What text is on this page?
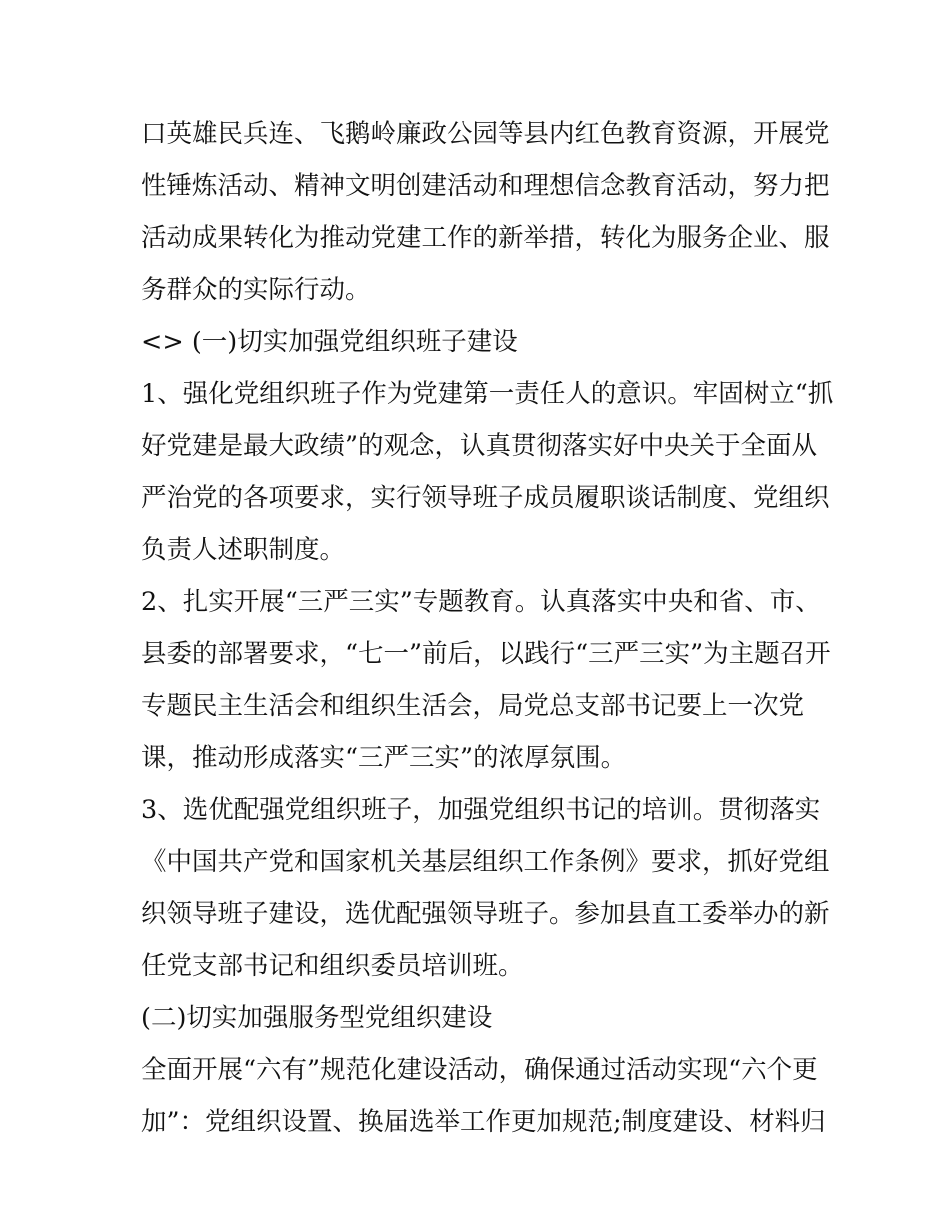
口英雄民兵连、飞鹅岭廉政公园等县内红色教育资源，开展党
性锤炼活动、精神文明创建活动和理想信念教育活动，努力把
活动成果转化为推动党建工作的新举措，转化为服务企业、服
务群众的实际行动。
<> (一)切实加强党组织班子建设
1、强化党组织班子作为党建第一责任人的意识。牢固树立“抓
好党建是最大政绩”的观念，认真贯彻落实好中央关于全面从
严治党的各项要求，实行领导班子成员履职谈话制度、党组织
负责人述职制度。
2、扎实开展“三严三实”专题教育。认真落实中央和省、市、
县委的部署要求，“七一”前后，以践行“三严三实”为主题召开
专题民主生活会和组织生活会，局党总支部书记要上一次党
课，推动形成落实“三严三实”的浓厚氛围。
3、选优配强党组织班子，加强党组织书记的培训。贯彻落实
《中国共产党和国家机关基层组织工作条例》要求，抓好党组
织领导班子建设，选优配强领导班子。参加县直工委举办的新
任党支部书记和组织委员培训班。
(二)切实加强服务型党组织建设
全面开展“六有”规范化建设活动，确保通过活动实现“六个更
加”：党组织设置、换届选举工作更加规范;制度建设、材料归
